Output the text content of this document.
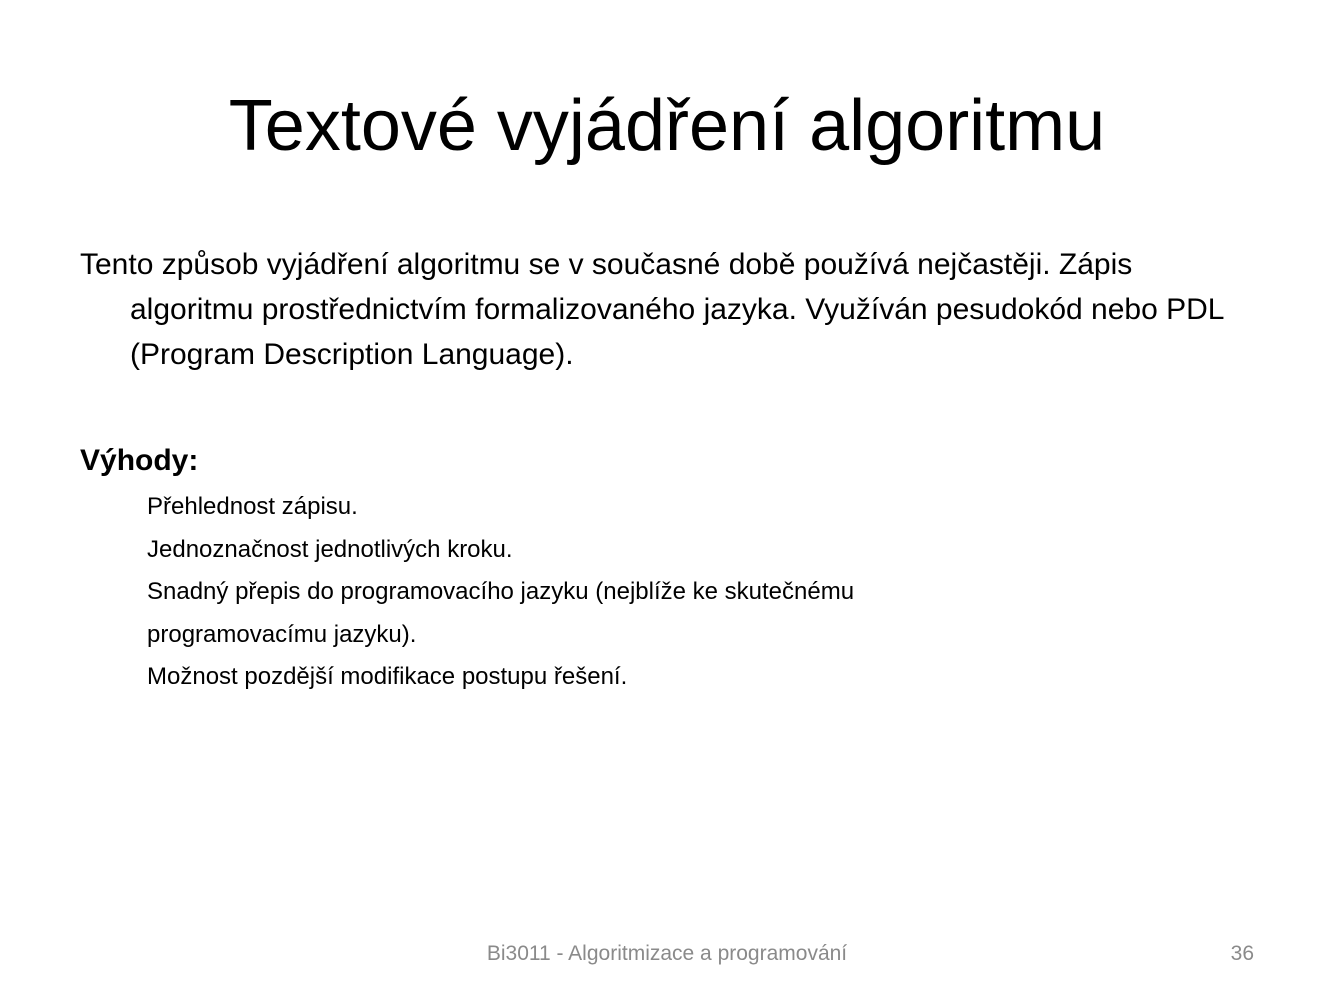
Textové vyjádření algoritmu

Tento způsob vyjádření algoritmu se v současné době používá nejčastěji. Zápis algoritmu prostřednictvím formalizovaného jazyka. Využíván pesudokód nebo PDL (Program Description Language).

Výhody:
Přehlednost zápisu.
Jednoznačnost jednotlivých kroku.
Snadný přepis do programovacího jazyku (nejblíže ke skutečnému
programovacímu jazyku).
Možnost pozdější modifikace postupu řešení.
Bi3011 - Algoritmizace a programování	36
